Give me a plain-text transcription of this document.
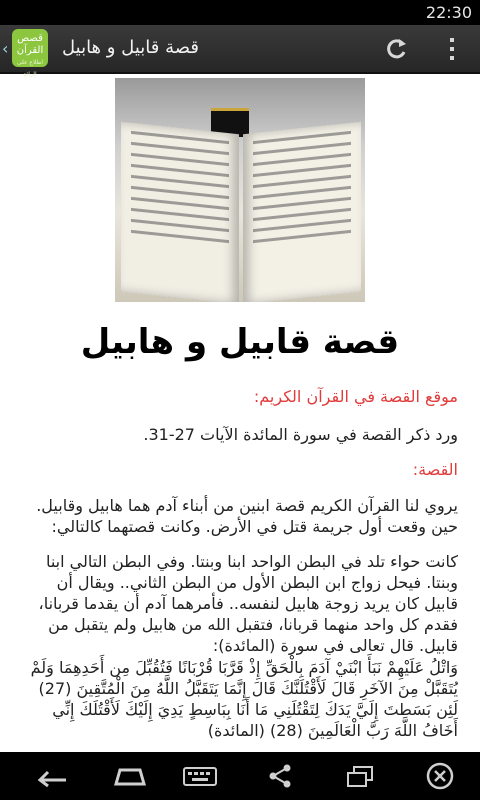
22:30
‹
قصص
القرآن
اطلاع على الرائع
قصة قابيل و هابيل
قصة قابيل و هابيل
موقع القصة في القرآن الكريم:
ورد ذكر القصة في سورة المائدة الآيات 27-31.
القصة:
يروي لنا القرآن الكريم قصة ابنين من أبناء آدم هما هابيل وقابيل. حين وقعت أول جريمة قتل في الأرض. وكانت قصتهما كالتالي:
كانت حواء تلد في البطن الواحد ابنا وبنتا. وفي البطن التالي ابنا وبنتا. فيحل زواج ابن البطن الأول من البطن الثاني.. ويقال أن قابيل كان يريد زوجة هابيل لنفسه.. فأمرهما آدم أن يقدما قربانا، فقدم كل واحد منهما قربانا، فتقبل الله من هابيل ولم يتقبل من قابيل. قال تعالى في سورة (المائدة):
وَاتْلُ عَلَيْهِمْ نَبَأَ ابْنَيْ آدَمَ بِالْحَقِّ إِذْ قَرَّبَا قُرْبَانًا فَتُقُبِّلَ مِن أَحَدِهِمَا وَلَمْ يُتَقَبَّلْ مِنَ الآخَرِ قَالَ لَأَقْتُلَنَّكَ قَالَ إِنَّمَا يَتَقَبَّلُ اللَّهُ مِنَ الْمُتَّقِينَ (27) لَئِن بَسَطتَ إِلَيَّ يَدَكَ لِتَقْتُلَنِي مَا أَنَا بِبَاسِطٍ يَدِيَ إِلَيْكَ لَأَقْتُلَكَ إِنِّي أَخَافُ اللَّهَ رَبَّ الْعَالَمِينَ (28) (المائدة)
